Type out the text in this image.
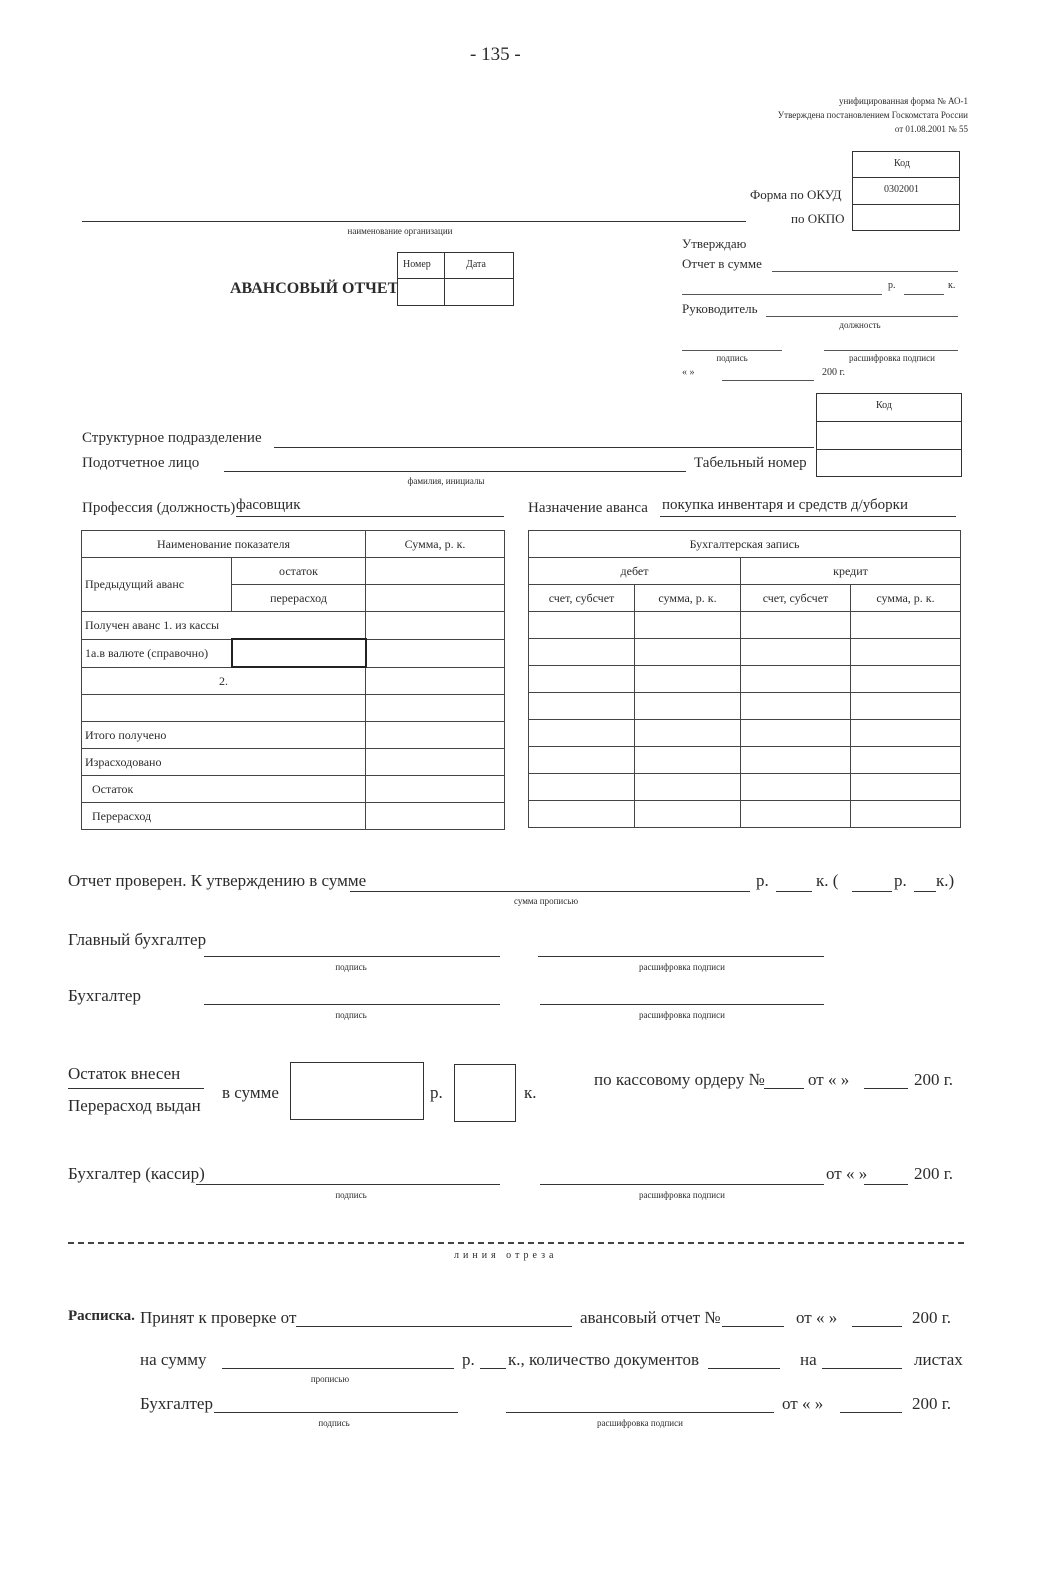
- 135 -
унифицированная форма № АО-1
Утверждена постановлением Госкомстата России
от 01.08.2001 № 55
Код
0302001
Форма по ОКУД
по ОКПО
наименование организации
АВАНСОВЫЙ ОТЧЕТ
Номер	Дата
Утверждаю
Отчет в сумме
р.	к.
Руководитель
должность
подпись	расшифровка подписи
« »	200 г.
Код
Структурное подразделение
Подотчетное лицо
фамилия, инициалы
Табельный номер
Профессия (должность) фасовщик	Назначение аванса покупка инвентаря и средств д/уборки
Наименование показателя		Сумма, р. к.
Предыдущий аванс	остаток	
	перерасход	
Получен аванс 1. из кассы		
1а.в валюте (справочно)		
2.		

Итого получено		
Израсходовано		
Остаток		
Перерасход		
Бухгалтерская запись			
дебет		кредит	
счет, субсчет	сумма, р. к.	счет, субсчет	сумма, р. к.

Отчет проверен. К утверждению в сумме	р.	к. (	р. к.)
сумма прописью
Главный бухгалтер
подпись	расшифровка подписи
Бухгалтер
подпись	расшифровка подписи
Остаток внесен
Перерасход выдан
в сумме	р.	к.
по кассовому ордеру №	от « »	200 г.
Бухгалтер (кассир)
подпись	расшифровка подписи
от « »	200 г.
линия отреза
Расписка. Принят к проверке от	авансовый отчет №	от « »	200 г.
на сумму	р. к., количество документов	на	листах
прописью
Бухгалтер
подпись	расшифровка подписи
от « »	200 г.
